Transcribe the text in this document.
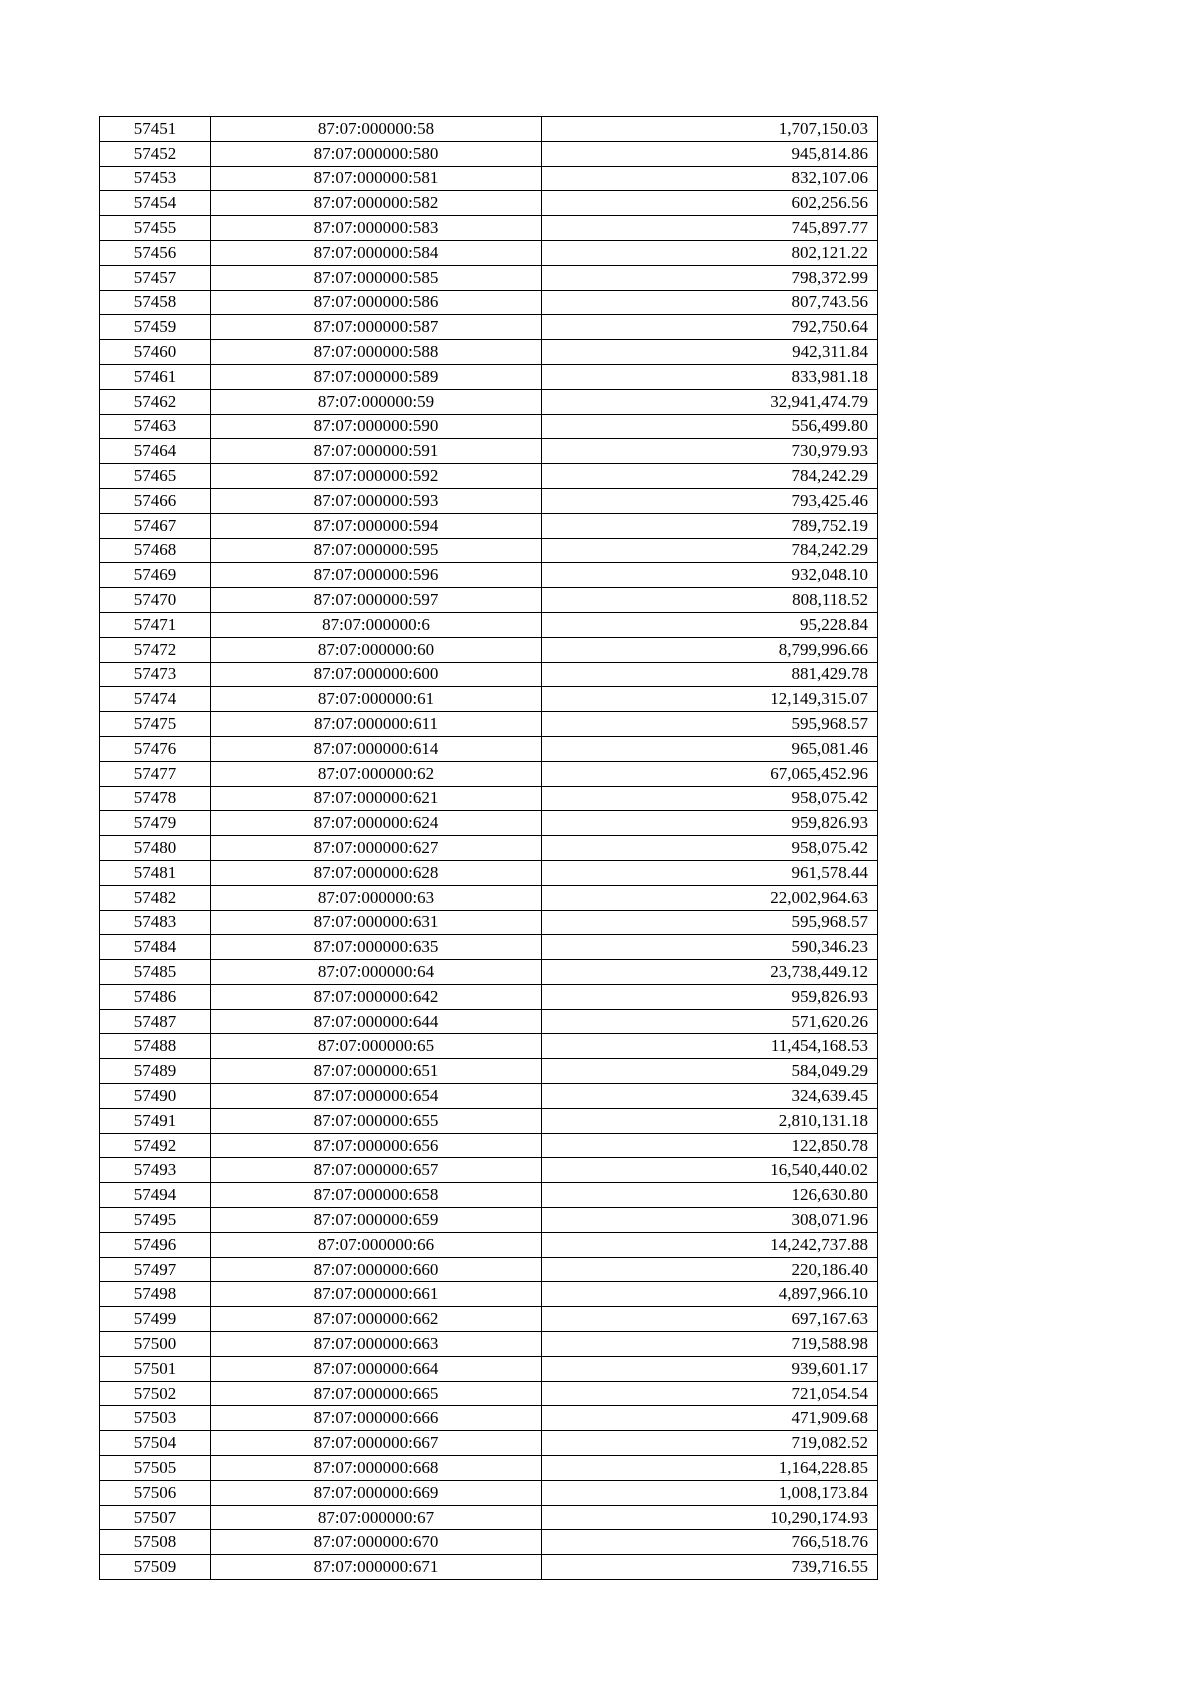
57451	87:07:000000:58	1,707,150.03
57452	87:07:000000:580	945,814.86
57453	87:07:000000:581	832,107.06
57454	87:07:000000:582	602,256.56
57455	87:07:000000:583	745,897.77
57456	87:07:000000:584	802,121.22
57457	87:07:000000:585	798,372.99
57458	87:07:000000:586	807,743.56
57459	87:07:000000:587	792,750.64
57460	87:07:000000:588	942,311.84
57461	87:07:000000:589	833,981.18
57462	87:07:000000:59	32,941,474.79
57463	87:07:000000:590	556,499.80
57464	87:07:000000:591	730,979.93
57465	87:07:000000:592	784,242.29
57466	87:07:000000:593	793,425.46
57467	87:07:000000:594	789,752.19
57468	87:07:000000:595	784,242.29
57469	87:07:000000:596	932,048.10
57470	87:07:000000:597	808,118.52
57471	87:07:000000:6	95,228.84
57472	87:07:000000:60	8,799,996.66
57473	87:07:000000:600	881,429.78
57474	87:07:000000:61	12,149,315.07
57475	87:07:000000:611	595,968.57
57476	87:07:000000:614	965,081.46
57477	87:07:000000:62	67,065,452.96
57478	87:07:000000:621	958,075.42
57479	87:07:000000:624	959,826.93
57480	87:07:000000:627	958,075.42
57481	87:07:000000:628	961,578.44
57482	87:07:000000:63	22,002,964.63
57483	87:07:000000:631	595,968.57
57484	87:07:000000:635	590,346.23
57485	87:07:000000:64	23,738,449.12
57486	87:07:000000:642	959,826.93
57487	87:07:000000:644	571,620.26
57488	87:07:000000:65	11,454,168.53
57489	87:07:000000:651	584,049.29
57490	87:07:000000:654	324,639.45
57491	87:07:000000:655	2,810,131.18
57492	87:07:000000:656	122,850.78
57493	87:07:000000:657	16,540,440.02
57494	87:07:000000:658	126,630.80
57495	87:07:000000:659	308,071.96
57496	87:07:000000:66	14,242,737.88
57497	87:07:000000:660	220,186.40
57498	87:07:000000:661	4,897,966.10
57499	87:07:000000:662	697,167.63
57500	87:07:000000:663	719,588.98
57501	87:07:000000:664	939,601.17
57502	87:07:000000:665	721,054.54
57503	87:07:000000:666	471,909.68
57504	87:07:000000:667	719,082.52
57505	87:07:000000:668	1,164,228.85
57506	87:07:000000:669	1,008,173.84
57507	87:07:000000:67	10,290,174.93
57508	87:07:000000:670	766,518.76
57509	87:07:000000:671	739,716.55
